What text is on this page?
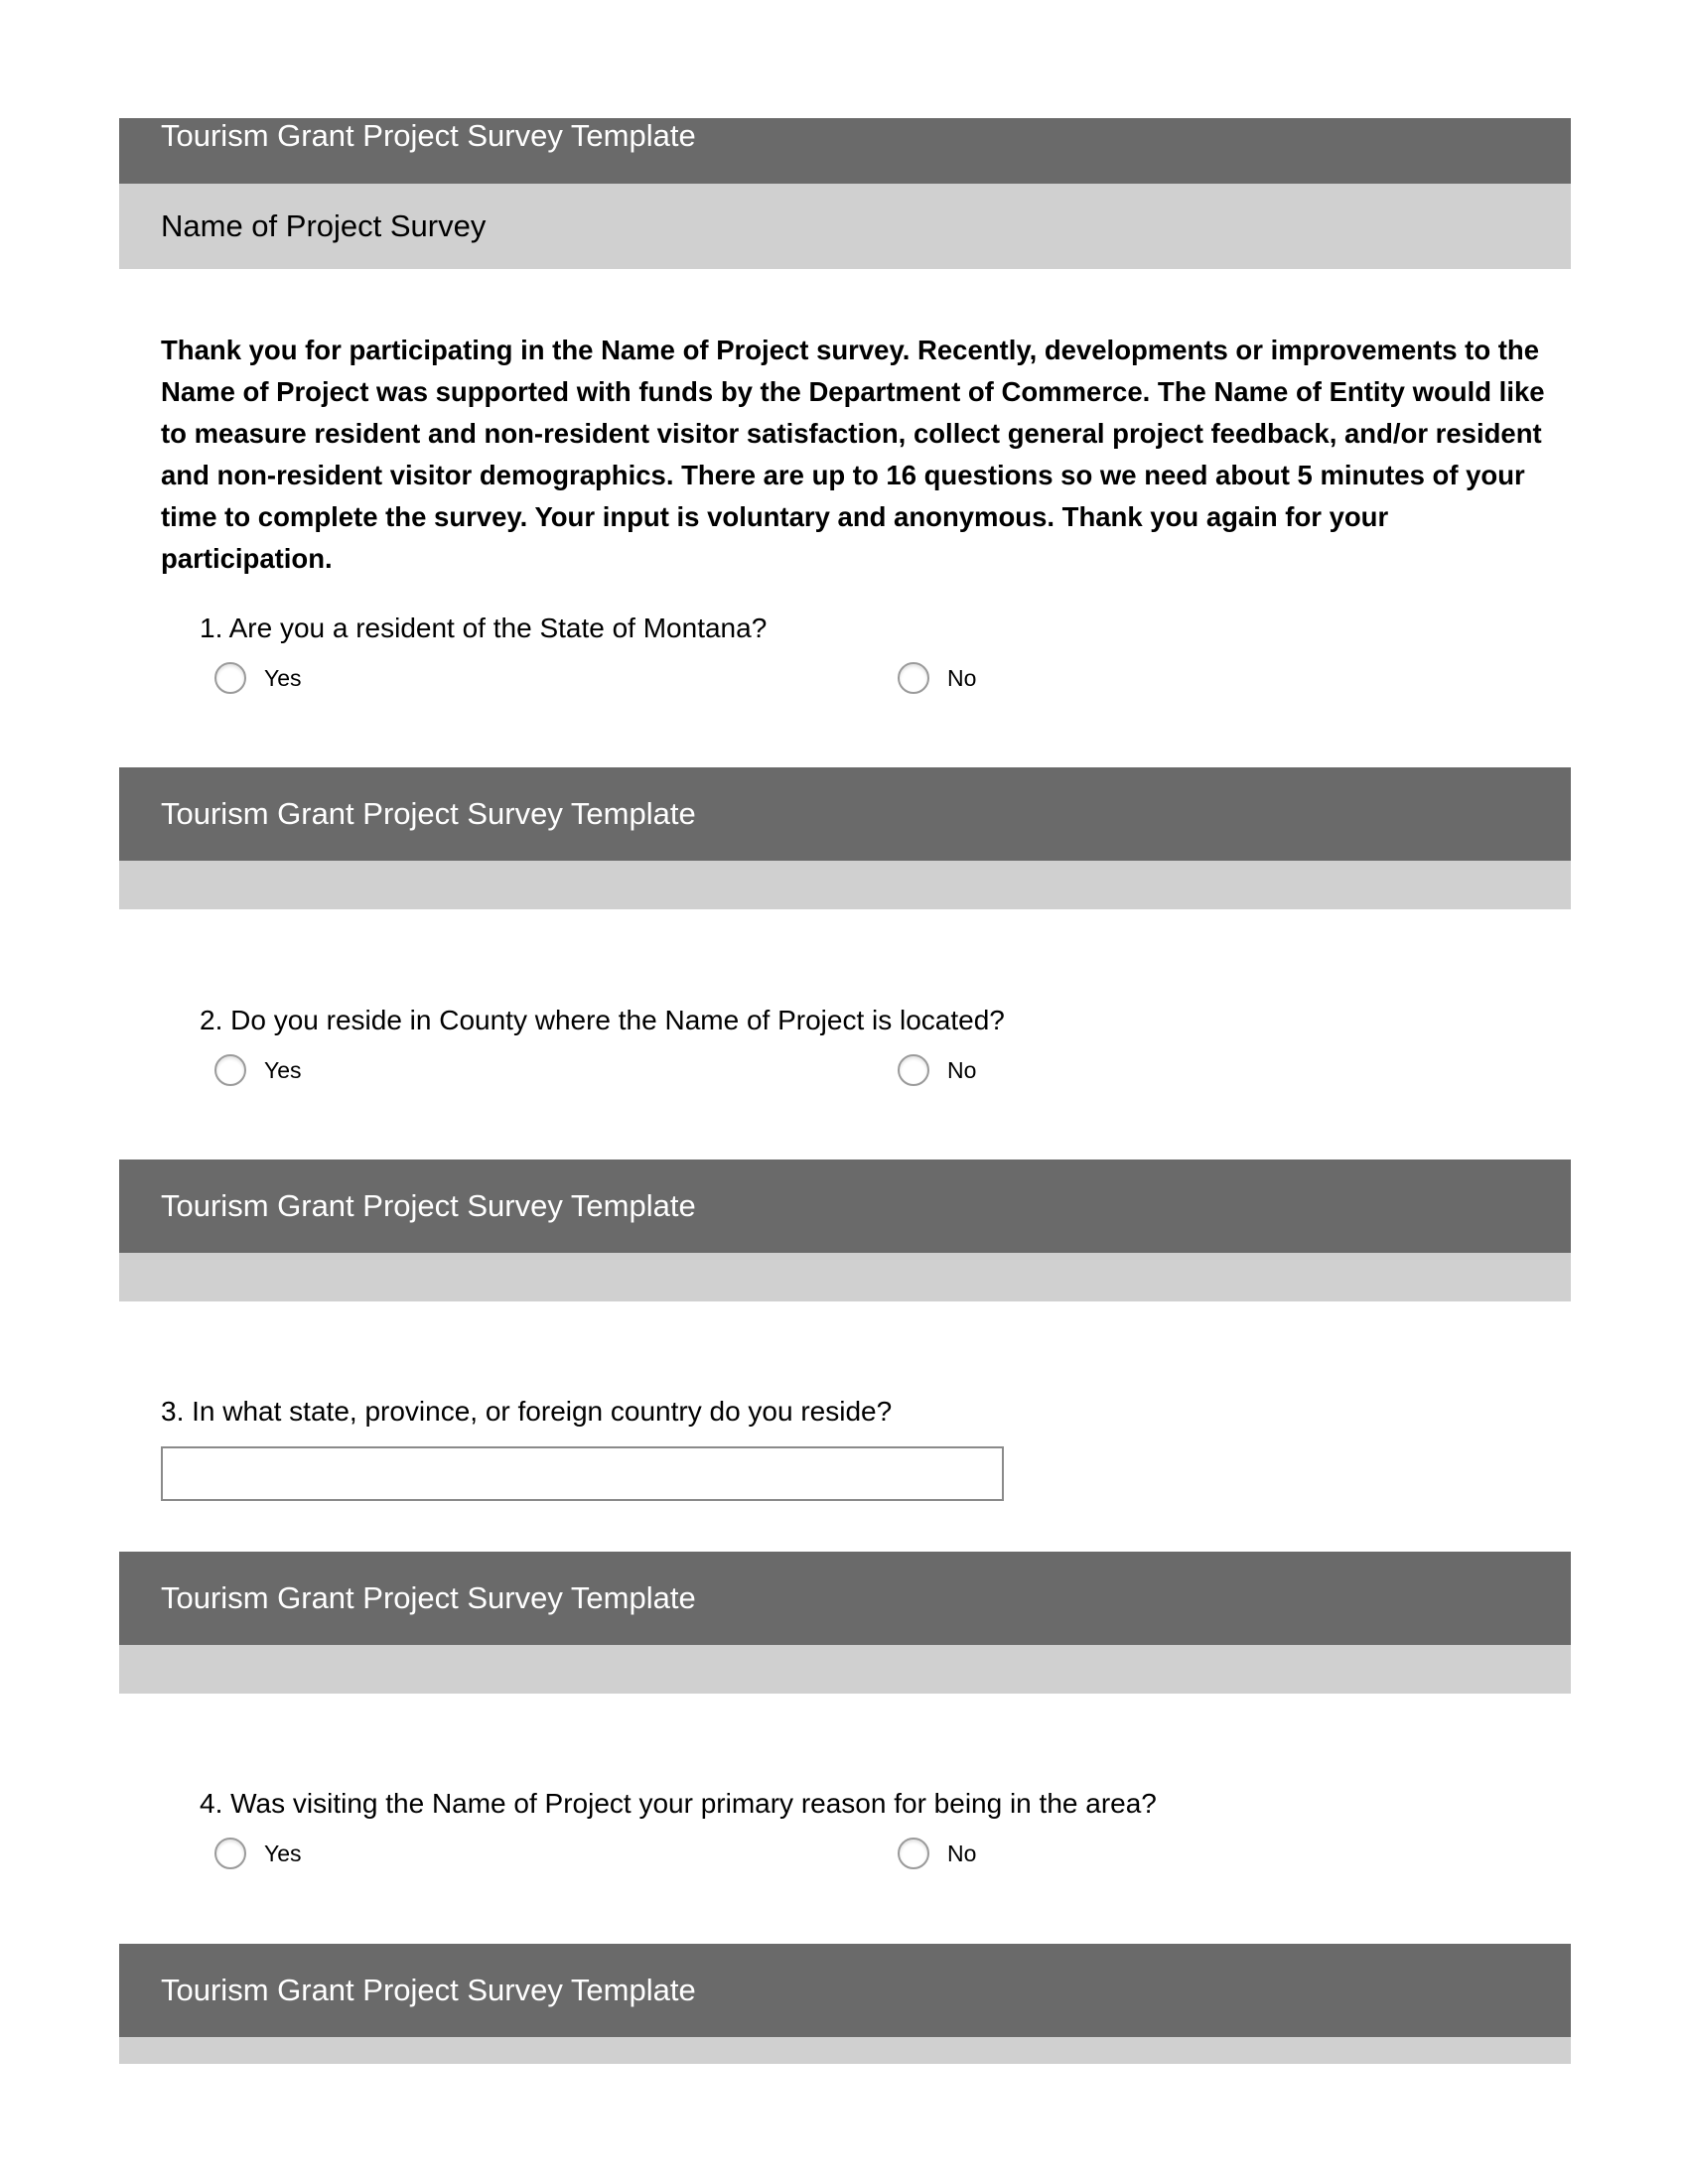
Tourism Grant Project Survey Template
Name of Project Survey
Thank you for participating in the Name of Project survey. Recently, developments or improvements to the Name of Project was supported with funds by the Department of Commerce. The Name of Entity would like to measure resident and non-resident visitor satisfaction, collect general project feedback, and/or resident and non-resident visitor demographics. There are up to 16 questions so we need about 5 minutes of your time to complete the survey. Your input is voluntary and anonymous. Thank you again for your participation.
1. Are you a resident of the State of Montana?
Yes	No
Tourism Grant Project Survey Template
2. Do you reside in County where the Name of Project is located?
Yes	No
Tourism Grant Project Survey Template
3. In what state, province, or foreign country do you reside?
Tourism Grant Project Survey Template
4. Was visiting the Name of Project your primary reason for being in the area?
Yes	No
Tourism Grant Project Survey Template
